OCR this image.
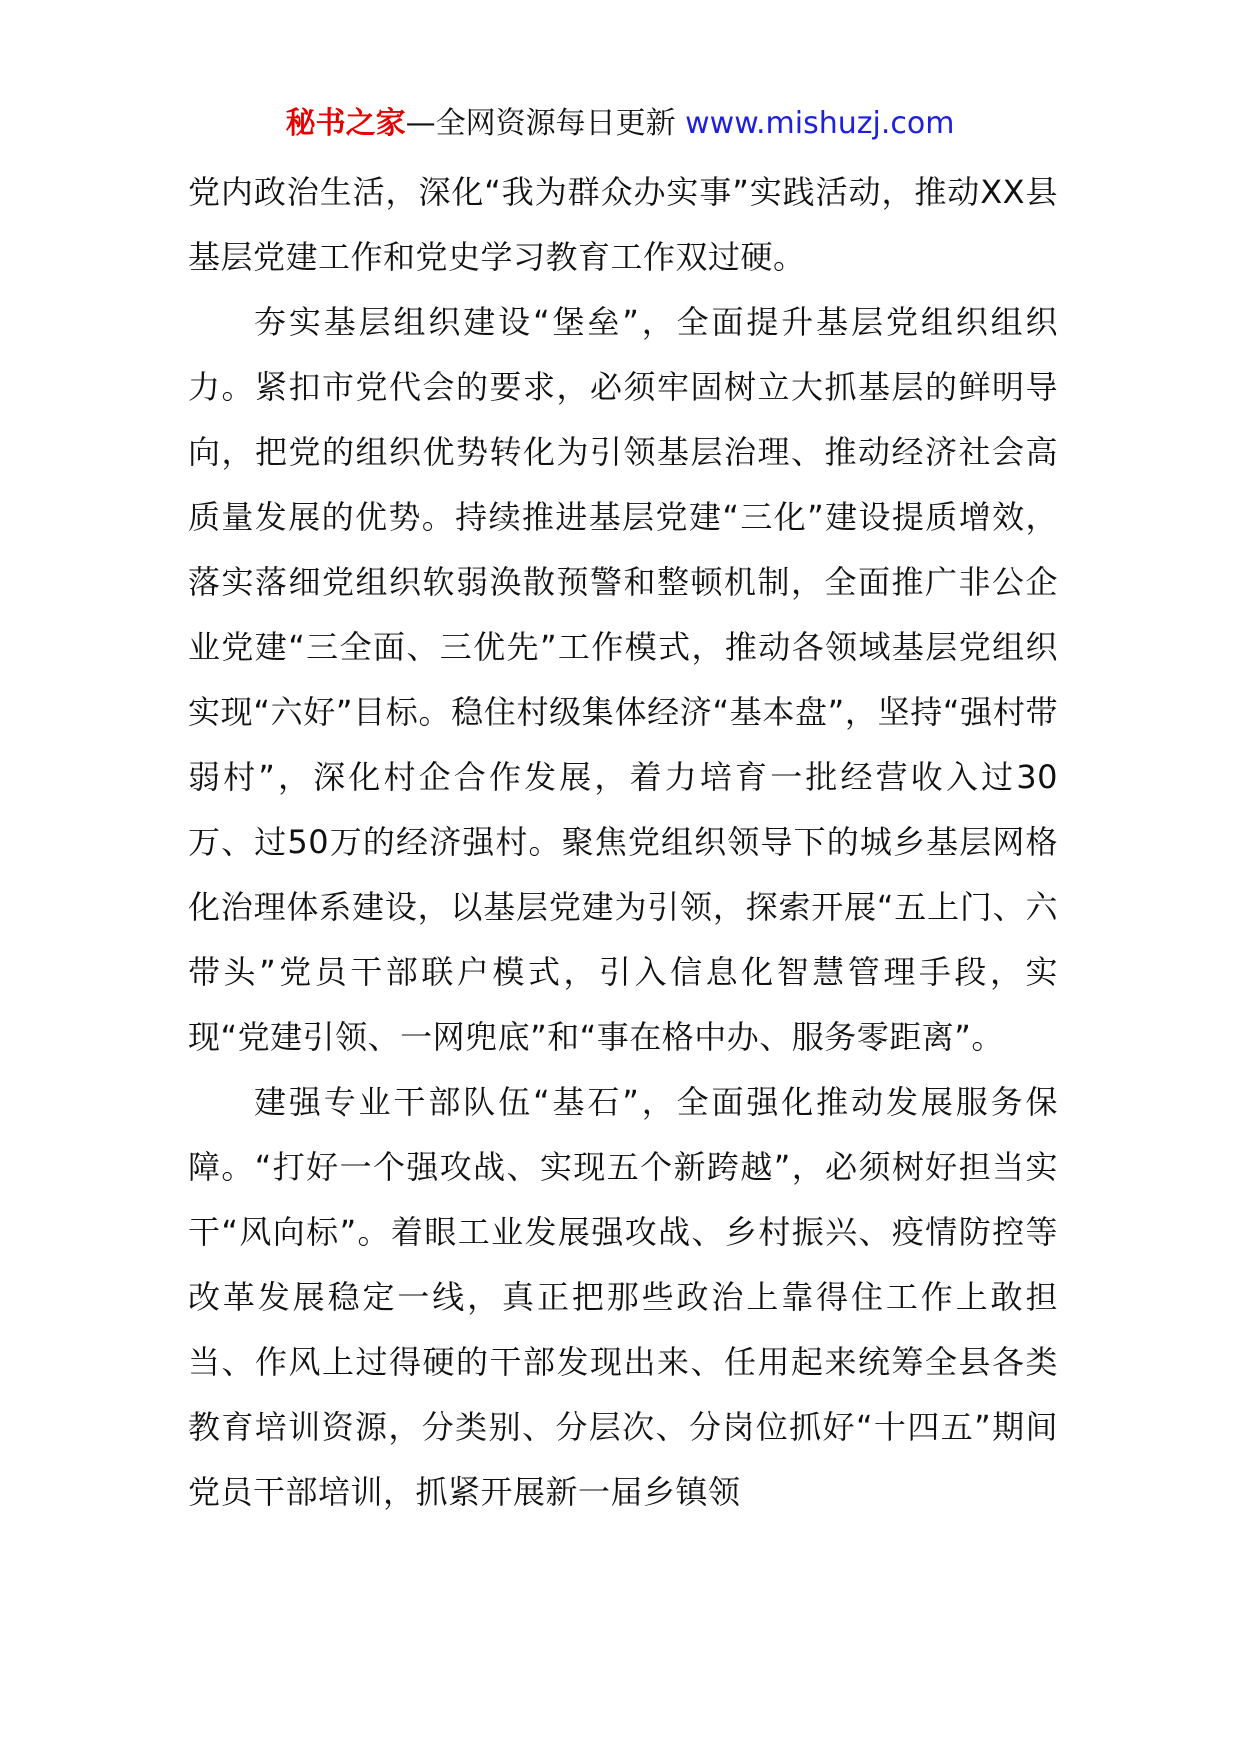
秘书之家—全网资源每日更新 www.mishuzj.com

党内政治生活，深化“我为群众办实事”实践活动，推动XX县基层党建工作和党史学习教育工作双过硬。

夯实基层组织建设“堡垒”，全面提升基层党组织组织力。紧扣市党代会的要求，必须牢固树立大抓基层的鲜明导向，把党的组织优势转化为引领基层治理、推动经济社会高质量发展的优势。持续推进基层党建“三化”建设提质增效，落实落细党组织软弱涣散预警和整顿机制，全面推广非公企业党建“三全面、三优先”工作模式，推动各领域基层党组织实现“六好”目标。稳住村级集体经济“基本盘”，坚持“强村带弱村”，深化村企合作发展，着力培育一批经营收入过30万、过50万的经济强村。聚焦党组织领导下的城乡基层网格化治理体系建设，以基层党建为引领，探索开展“五上门、六带头”党员干部联户模式，引入信息化智慧管理手段，实现“党建引领、一网兜底”和“事在格中办、服务零距离”。

建强专业干部队伍“基石”，全面强化推动发展服务保障。“打好一个强攻战、实现五个新跨越”，必须树好担当实干“风向标”。着眼工业发展强攻战、乡村振兴、疫情防控等改革发展稳定一线，真正把那些政治上靠得住工作上敢担当、作风上过得硬的干部发现出来、任用起来统筹全县各类教育培训资源，分类别、分层次、分岗位抓好“十四五”期间党员干部培训，抓紧开展新一届乡镇领
